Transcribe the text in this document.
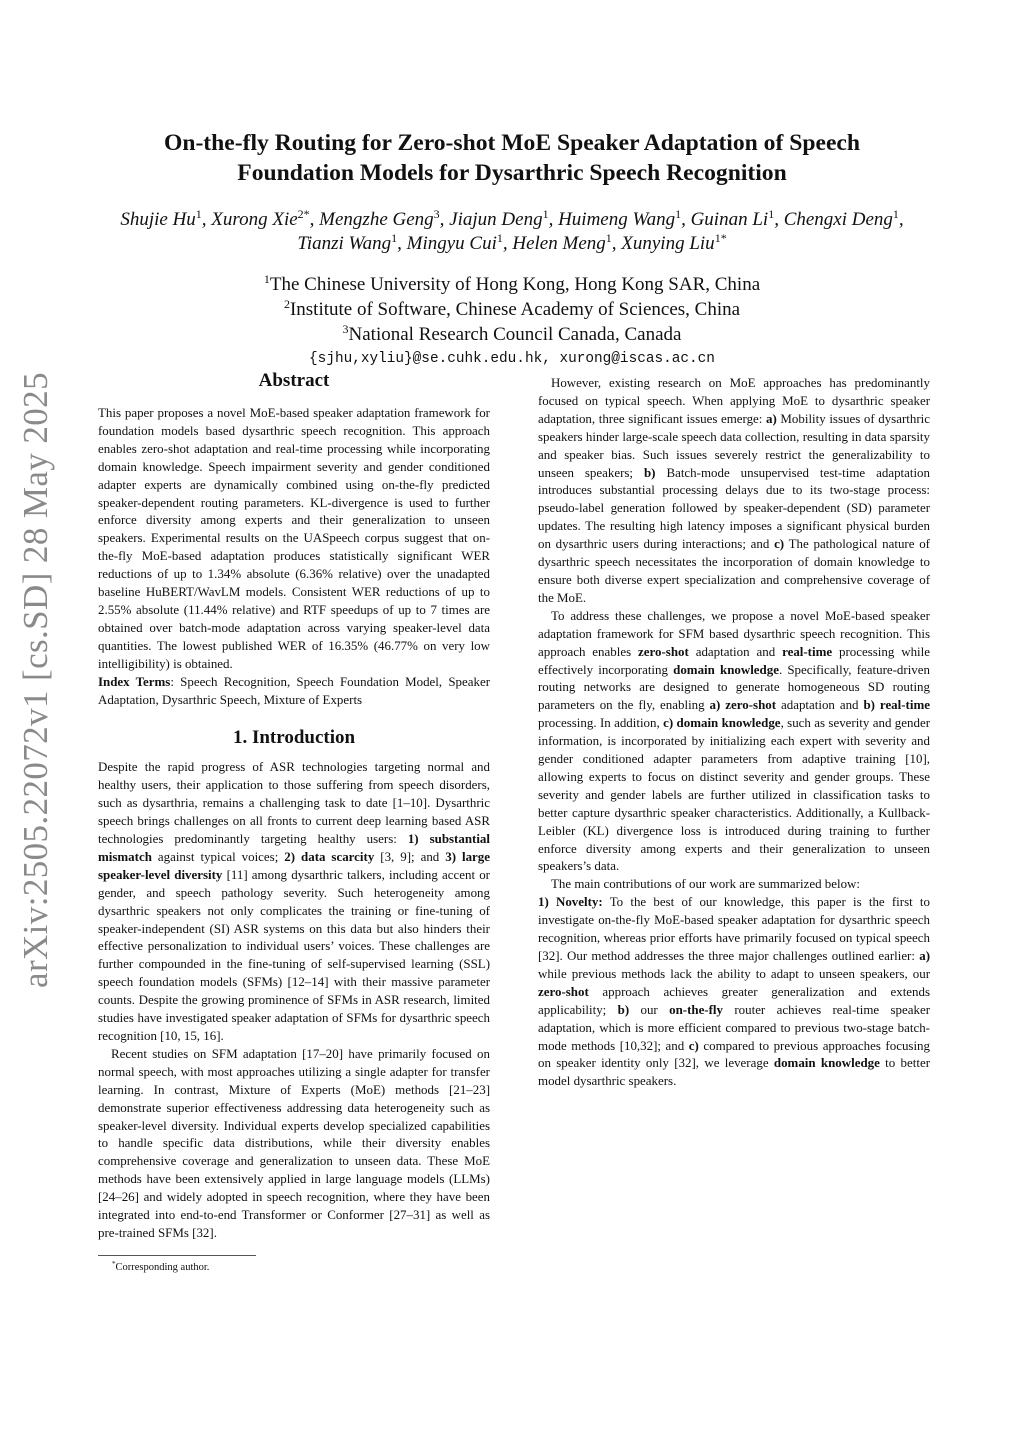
arXiv:2505.22072v1 [cs.SD] 28 May 2025
On-the-fly Routing for Zero-shot MoE Speaker Adaptation of Speech
Foundation Models for Dysarthric Speech Recognition
Shujie Hu$^1$, Xurong Xie$^{2*}$, Mengzhe Geng$^3$, Jiajun Deng$^1$, Huimeng Wang$^1$, Guinan Li$^1$, Chengxi Deng$^1$, Tianzi Wang$^1$, Mingyu Cui$^1$, Helen Meng$^1$, Xunying Liu$^{1*}$
$^1$The Chinese University of Hong Kong, Hong Kong SAR, China
$^2$Institute of Software, Chinese Academy of Sciences, China
$^3$National Research Council Canada, Canada
{sjhu,xyliu}@se.cuhk.edu.hk, xurong@iscas.ac.cn
Abstract

This paper proposes a novel MoE-based speaker adaptation framework for foundation models based dysarthric speech recognition. This approach enables zero-shot adaptation and real-time processing while incorporating domain knowledge. Speech impairment severity and gender conditioned adapter experts are dynamically combined using on-the-fly predicted speaker-dependent routing parameters. KL-divergence is used to further enforce diversity among experts and their generalization to unseen speakers. Experimental results on the UASpeech corpus suggest that on-the-fly MoE-based adaptation produces statistically significant WER reductions of up to 1.34% absolute (6.36% relative) over the unadapted baseline HuBERT/WavLM models. Consistent WER reductions of up to 2.55% absolute (11.44% relative) and RTF speedups of up to 7 times are obtained over batch-mode adaptation across varying speaker-level data quantities. The lowest published WER of 16.35% (46.77% on very low intelligibility) is obtained.

Index Terms: Speech Recognition, Speech Foundation Model, Speaker Adaptation, Dysarthric Speech, Mixture of Experts

1. Introduction

Despite the rapid progress of ASR technologies targeting normal and healthy users, their application to those suffering from speech disorders, such as dysarthria, remains a challenging task to date [1–10]. Dysarthric speech brings challenges on all fronts to current deep learning based ASR technologies predominantly targeting healthy users: 1) substantial mismatch against typical voices; 2) data scarcity [3, 9]; and 3) large speaker-level diversity [11] among dysarthric talkers, including accent or gender, and speech pathology severity. Such heterogeneity among dysarthric speakers not only complicates the training or fine-tuning of speaker-independent (SI) ASR systems on this data but also hinders their effective personalization to individual users’ voices. These challenges are further compounded in the fine-tuning of self-supervised learning (SSL) speech foundation models (SFMs) [12–14] with their massive parameter counts. Despite the growing prominence of SFMs in ASR research, limited studies have investigated speaker adaptation of SFMs for dysarthric speech recognition [10, 15, 16].

Recent studies on SFM adaptation [17–20] have primarily focused on normal speech, with most approaches utilizing a single adapter for transfer learning. In contrast, Mixture of Experts (MoE) methods [21–23] demonstrate superior effectiveness addressing data heterogeneity such as speaker-level diversity. Individual experts develop specialized capabilities to handle specific data distributions, while their diversity enables comprehensive coverage and generalization to unseen data. These MoE methods have been extensively applied in large language models (LLMs) [24–26] and widely adopted in speech recognition, where they have been integrated into end-to-end Transformer or Conformer [27–31] as well as pre-trained SFMs [32].

However, existing research on MoE approaches has predominantly focused on typical speech. When applying MoE to dysarthric speaker adaptation, three significant issues emerge: a) Mobility issues of dysarthric speakers hinder large-scale speech data collection, resulting in data sparsity and speaker bias. Such issues severely restrict the generalizability to unseen speakers; b) Batch-mode unsupervised test-time adaptation introduces substantial processing delays due to its two-stage process: pseudo-label generation followed by speaker-dependent (SD) parameter updates. The resulting high latency imposes a significant physical burden on dysarthric users during interactions; and c) The pathological nature of dysarthric speech necessitates the incorporation of domain knowledge to ensure both diverse expert specialization and comprehensive coverage of the MoE.

To address these challenges, we propose a novel MoE-based speaker adaptation framework for SFM based dysarthric speech recognition. This approach enables zero-shot adaptation and real-time processing while effectively incorporating domain knowledge. Specifically, feature-driven routing networks are designed to generate homogeneous SD routing parameters on the fly, enabling a) zero-shot adaptation and b) real-time processing. In addition, c) domain knowledge, such as severity and gender information, is incorporated by initializing each expert with severity and gender conditioned adapter parameters from adaptive training [10], allowing experts to focus on distinct severity and gender groups. These severity and gender labels are further utilized in classification tasks to better capture dysarthric speaker characteristics. Additionally, a Kullback-Leibler (KL) divergence loss is introduced during training to further enforce diversity among experts and their generalization to unseen speakers’s data.

The main contributions of our work are summarized below:

1) Novelty: To the best of our knowledge, this paper is the first to investigate on-the-fly MoE-based speaker adaptation for dysarthric speech recognition, whereas prior efforts have primarily focused on typical speech [32]. Our method addresses the three major challenges outlined earlier: a) while previous methods lack the ability to adapt to unseen speakers, our zero-shot approach achieves greater generalization and extends applicability; b) our on-the-fly router achieves real-time speaker adaptation, which is more efficient compared to previous two-stage batch-mode methods [10,32]; and c) compared to previous approaches focusing on speaker identity only [32], we leverage domain knowledge to better model dysarthric speakers.

*Corresponding author.
